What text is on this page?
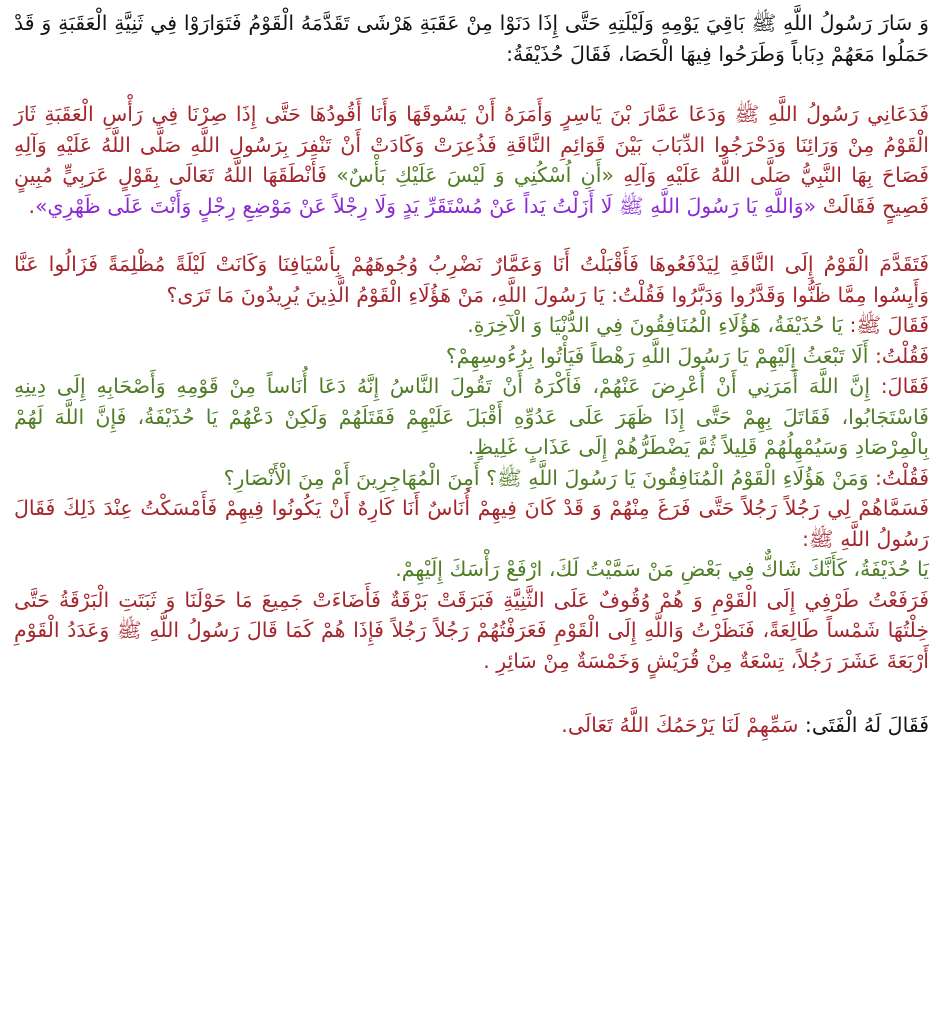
وَ سَارَ رَسُولُ اللَّهِ ﷺ بَاقِيَ يَوْمِهِ وَلَيْلَتِهِ حَتَّى إِذَا دَنَوْا مِنْ عَقَبَةِ هَرْشَى تَقَدَّمَهُ الْقَوْمُ فَتَوَارَوْا فِي ثَنِيَّةِ الْعَقَبَةِ وَ قَدْ حَمَلُوا مَعَهُمْ دِبَاباً وَطَرَحُوا فِيهَا الْحَصَا، فَقَالَ حُذَيْفَةُ:

فَدَعَانِي رَسُولُ اللَّهِ ﷺ وَدَعَا عَمَّارَ بْنَ يَاسِرٍ وَأَمَرَهُ أَنْ يَسُوقَهَا وَأَنَا أَقُودُهَا حَتَّى إِذَا صِرْنَا فِي رَأْسِ الْعَقَبَةِ ثَارَ الْقَوْمُ مِنْ وَرَائِنَا وَدَحْرَجُوا الدِّبَابَ بَيْنَ قَوَائِمِ النَّاقَةِ فَذُعِرَتْ وَكَادَتْ أَنْ تَنْفِرَ بِرَسُولِ اللَّهِ صَلَّى اللَّهُ عَلَيْهِ وَآلِهِ فَصَاحَ بِهَا النَّبِيُّ صَلَّى اللَّهُ عَلَيْهِ وَآلِهِ «أَنِ اُسْكُنِي وَ لَيْسَ عَلَيْكِ بَأْسٌ» فَأَنْطَقَهَا اللَّهُ تَعَالَى بِقَوْلٍ عَرَبِيٍّ مُبِينٍ فَصِيحٍ فَقَالَتْ «وَاللَّهِ يَا رَسُولَ اللَّهِ ﷺ لَا أَزَلْتُ يَداً عَنْ مُسْتَقَرِّ يَدٍ وَلَا رِجْلاً عَنْ مَوْضِعِ رِجْلٍ وَأَنْتَ عَلَى ظَهْرِي».

فَتَقَدَّمَ الْقَوْمُ إِلَى النَّاقَةِ لِيَدْفَعُوهَا فَأَقْبَلْتُ أَنَا وَعَمَّارٌ نَضْرِبُ وُجُوهَهُمْ بِأَسْيَافِنَا وَكَانَتْ لَيْلَةً مُظْلِمَةً فَزَالُوا عَنَّا وَأَيِسُوا مِمَّا ظَنُّوا وَقَدَّرُوا وَدَبَّرُوا فَقُلْتُ: يَا رَسُولَ اللَّهِ، مَنْ هَؤُلَاءِ الْقَوْمُ الَّذِينَ يُرِيدُونَ مَا تَرَى؟

فَقَالَ ﷺ: يَا حُذَيْفَةُ، هَؤُلَاءِ الْمُنَافِقُونَ فِي الدُّنْيَا وَ الْآخِرَةِ.

فَقُلْتُ: أَلَا تَبْعَثُ إِلَيْهِمْ يَا رَسُولَ اللَّهِ رَهْطاً فَيَأْتُوا بِرُءُوسِهِمْ؟

فَقَالَ: إِنَّ اللَّهَ أَمَرَنِي أَنْ أُعْرِضَ عَنْهُمْ، فَأَكْرَهُ أَنْ تَقُولَ النَّاسُ إِنَّهُ دَعَا أُنَاساً مِنْ قَوْمِهِ وَأَصْحَابِهِ إِلَى دِينِهِ فَاسْتَجَابُوا، فَقَاتَلَ بِهِمْ حَتَّى إِذَا ظَهَرَ عَلَى عَدُوِّهِ أَقْبَلَ عَلَيْهِمْ فَقَتَلَهُمْ وَلَكِنْ دَعْهُمْ يَا حُذَيْفَةُ، فَإِنَّ اللَّهَ لَهُمْ بِالْمِرْصَادِ وَسَيُمْهِلُهُمْ قَلِيلاً ثُمَّ يَضْطَرُّهُمْ إِلَى عَذَابٍ غَلِيظٍ.

فَقُلْتُ: وَمَنْ هَؤُلَاءِ الْقَوْمُ الْمُنَافِقُونَ يَا رَسُولَ اللَّهِ ﷺ؟ أَمِنَ الْمُهَاجِرِينَ أَمْ مِنَ الْأَنْصَارِ؟

فَسَمَّاهُمْ لِي رَجُلاً رَجُلاً حَتَّى فَرَغَ مِنْهُمْ وَ قَدْ كَانَ فِيهِمْ أُنَاسٌ أَنَا كَارِهٌ أَنْ يَكُونُوا فِيهِمْ فَأَمْسَكْتُ عِنْدَ ذَلِكَ فَقَالَ رَسُولُ اللَّهِ ﷺ:

يَا حُذَيْفَةُ، كَأَنَّكَ شَاكٌّ فِي بَعْضِ مَنْ سَمَّيْتُ لَكَ، ارْفَعْ رَأْسَكَ إِلَيْهِمْ.

فَرَفَعْتُ طَرْفِي إِلَى الْقَوْمِ وَ هُمْ وُقُوفٌ عَلَى الثَّنِيَّةِ فَبَرَقَتْ بَرْقَةٌ فَأَضَاءَتْ جَمِيعَ مَا حَوْلَنَا وَ ثَبَتَتِ الْبَرْقَةُ حَتَّى خِلْتُهَا شَمْساً طَالِعَةً، فَنَظَرْتُ وَاللَّهِ إِلَى الْقَوْمِ فَعَرَفْتُهُمْ رَجُلاً رَجُلاً فَإِذَا هُمْ كَمَا قَالَ رَسُولُ اللَّهِ ﷺ وَعَدَدُ الْقَوْمِ أَرْبَعَةَ عَشَرَ رَجُلاً، تِسْعَةٌ مِنْ قُرَيْشٍ وَخَمْسَةٌ مِنْ سَائِرِ .

فَقَالَ لَهُ الْفَتَى: سَمِّهِمْ لَنَا يَرْحَمُكَ اللَّهُ تَعَالَى.
